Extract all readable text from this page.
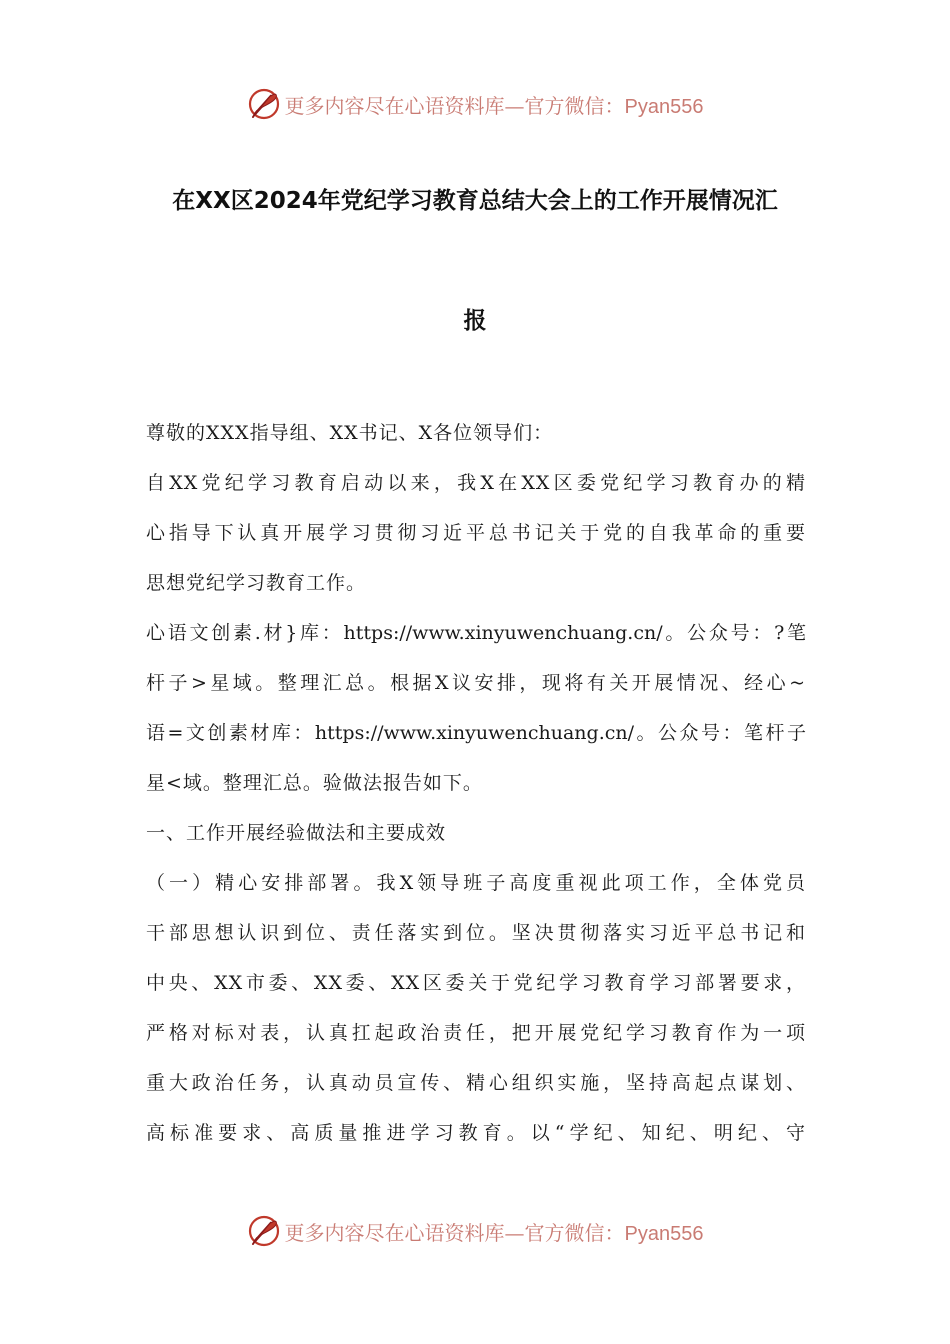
更多内容尽在心语资料库—官方微信：Pyan556
在XX区2024年党纪学习教育总结大会上的工作开展情况汇
报
尊敬的XXX指导组、XX书记、X各位领导们：
自XX党纪学习教育启动以来，我X在XX区委党纪学习教育办的精
心指导下认真开展学习贯彻习近平总书记关于党的自我革命的重要
思想党纪学习教育工作。
心语文创素.材}库：https://www.xinyuwenchuang.cn/。公众号：?笔
杆子>星域。整理汇总。根据X议安排，现将有关开展情况、经心~
语=文创素材库：https://www.xinyuwenchuang.cn/。公众号：笔杆子
星<域。整理汇总。验做法报告如下。
一、工作开展经验做法和主要成效
（一）精心安排部署。我X领导班子高度重视此项工作，全体党员
干部思想认识到位、责任落实到位。坚决贯彻落实习近平总书记和
中央、XX市委、XX委、XX区委关于党纪学习教育学习部署要求，
严格对标对表，认真扛起政治责任，把开展党纪学习教育作为一项
重大政治任务，认真动员宣传、精心组织实施，坚持高起点谋划、
高标准要求、高质量推进学习教育。以“学纪、知纪、明纪、守
更多内容尽在心语资料库—官方微信：Pyan556
